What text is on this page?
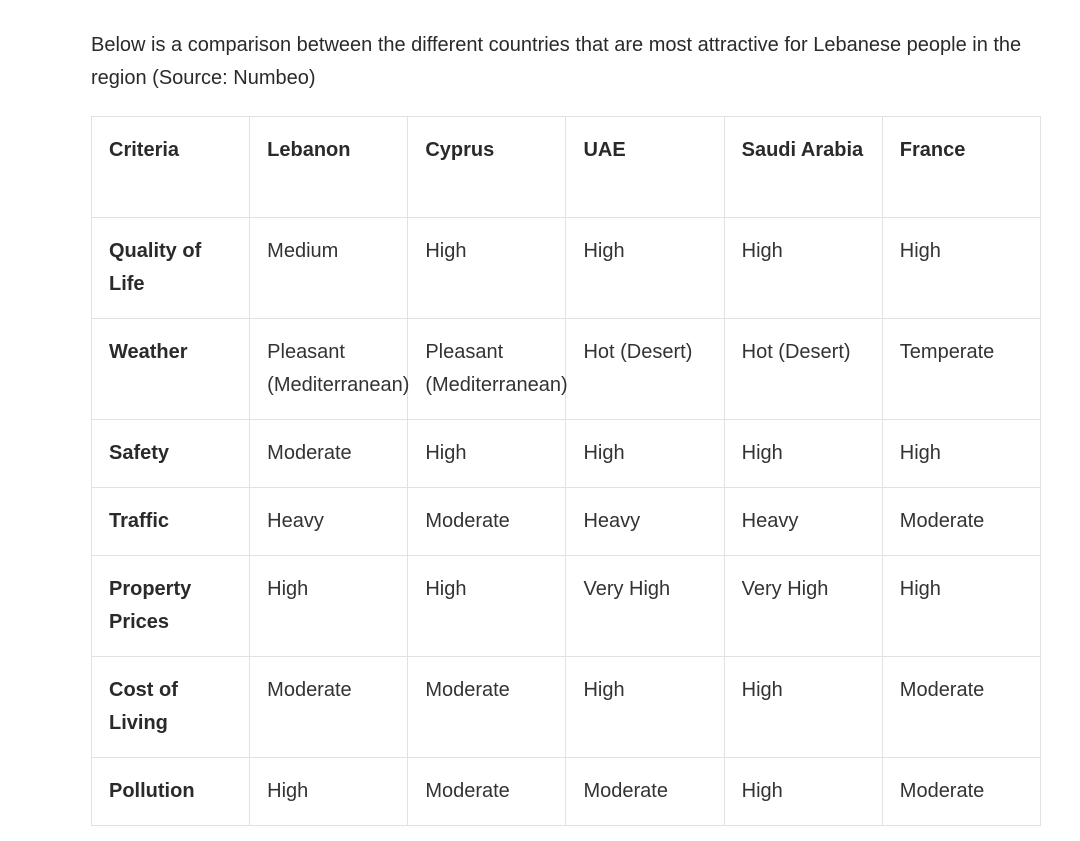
Below is a comparison between the different countries that are most attractive for Lebanese people in the region (Source: Numbeo)

Criteria	Lebanon	Cyprus	UAE	Saudi Arabia	France
Quality of Life	Medium	High	High	High	High
Weather	Pleasant (Mediterranean)	Pleasant (Mediterranean)	Hot (Desert)	Hot (Desert)	Temperate
Safety	Moderate	High	High	High	High
Traffic	Heavy	Moderate	Heavy	Heavy	Moderate
Property Prices	High	High	Very High	Very High	High
Cost of Living	Moderate	Moderate	High	High	Moderate
Pollution	High	Moderate	Moderate	High	Moderate
